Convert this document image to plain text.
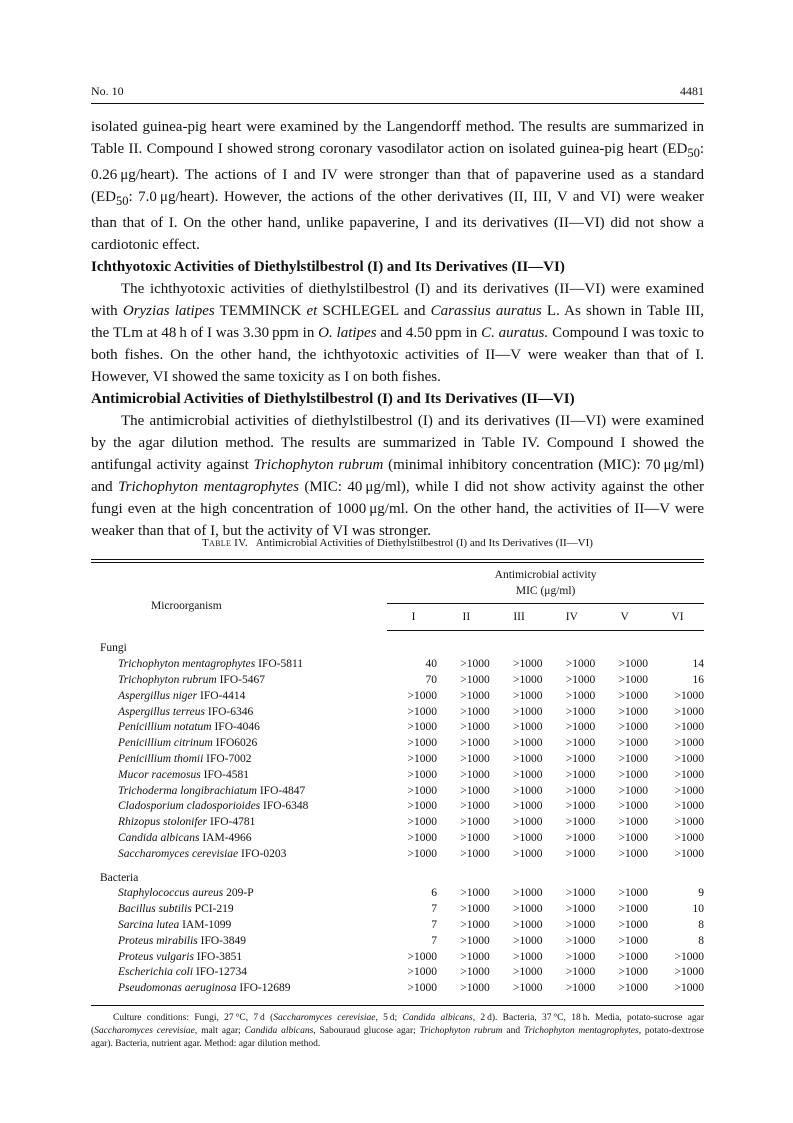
No. 10	4481

isolated guinea-pig heart were examined by the Langendorff method. The results are summarized in Table II. Compound I showed strong coronary vasodilator action on isolated guinea-pig heart ($ED_{50}$: 0.26 μg/heart). The actions of I and IV were stronger than that of papaverine used as a standard ($ED_{50}$: 7.0 μg/heart). However, the actions of the other derivatives (II, III, V and VI) were weaker than that of I. On the other hand, unlike papaverine, I and its derivatives (II—VI) did not show a cardiotonic effect.

Ichthyotoxic Activities of Diethylstilbestrol (I) and Its Derivatives (II—VI)

The ichthyotoxic activities of diethylstilbestrol (I) and its derivatives (II—VI) were examined with Oryzias latipes TEMMINCK et SCHLEGEL and Carassius auratus L. As shown in Table III, the TLm at 48 h of I was 3.30 ppm in O. latipes and 4.50 ppm in C. auratus. Compound I was toxic to both fishes. On the other hand, the ichthyotoxic activities of II—V were weaker than that of I. However, VI showed the same toxicity as I on both fishes.

Antimicrobial Activities of Diethylstilbestrol (I) and Its Derivatives (II—VI)

The antimicrobial activities of diethylstilbestrol (I) and its derivatives (II—VI) were examined by the agar dilution method. The results are summarized in Table IV. Compound I showed the antifungal activity against Trichophyton rubrum (minimal inhibitory concentration (MIC): 70 μg/ml) and Trichophyton mentagrophytes (MIC: 40 μg/ml), while I did not show activity against the other fungi even at the high concentration of 1000 μg/ml. On the other hand, the activities of II—V were weaker than that of I, but the activity of VI was stronger.

Table IV. Antimicrobial Activities of Diethylstilbestrol (I) and Its Derivatives (II—VI)
Microorganism	Antimicrobial activity
MIC (μg/ml)					

	I	II	III	IV	V	VI

Fungi						
Trichophyton mentagrophytes IFO-5811	40	>1000	>1000	>1000	>1000	14
Trichophyton rubrum IFO-5467	70	>1000	>1000	>1000	>1000	16
Aspergillus niger IFO-4414	>1000	>1000	>1000	>1000	>1000	>1000
Aspergillus terreus IFO-6346	>1000	>1000	>1000	>1000	>1000	>1000
Penicillium notatum IFO-4046	>1000	>1000	>1000	>1000	>1000	>1000
Penicillium citrinum IFO6026	>1000	>1000	>1000	>1000	>1000	>1000
Penicillium thomii IFO-7002	>1000	>1000	>1000	>1000	>1000	>1000
Mucor racemosus IFO-4581	>1000	>1000	>1000	>1000	>1000	>1000
Trichoderma longibrachiatum IFO-4847	>1000	>1000	>1000	>1000	>1000	>1000
Cladosporium cladosporioides IFO-6348	>1000	>1000	>1000	>1000	>1000	>1000
Rhizopus stolonifer IFO-4781	>1000	>1000	>1000	>1000	>1000	>1000
Candida albicans IAM-4966	>1000	>1000	>1000	>1000	>1000	>1000
Saccharomyces cerevisiae IFO-0203	>1000	>1000	>1000	>1000	>1000	>1000

Bacteria						
Staphylococcus aureus 209-P	6	>1000	>1000	>1000	>1000	9
Bacillus subtilis PCI-219	7	>1000	>1000	>1000	>1000	10
Sarcina lutea IAM-1099	7	>1000	>1000	>1000	>1000	8
Proteus mirabilis IFO-3849	7	>1000	>1000	>1000	>1000	8
Proteus vulgaris IFO-3851	>1000	>1000	>1000	>1000	>1000	>1000
Escherichia coli IFO-12734	>1000	>1000	>1000	>1000	>1000	>1000
Pseudomonas aeruginosa IFO-12689	>1000	>1000	>1000	>1000	>1000	>1000

Culture conditions: Fungi, 27 °C, 7 d (Saccharomyces cerevisiae, 5 d; Candida albicans, 2 d). Bacteria, 37 °C, 18 h. Media, potato-sucrose agar (Saccharomyces cerevisiae, malt agar; Candida albicans, Sabouraud glucose agar; Trichophyton rubrum and Trichophyton mentagrophytes, potato-dextrose agar). Bacteria, nutrient agar. Method: agar dilution method.
